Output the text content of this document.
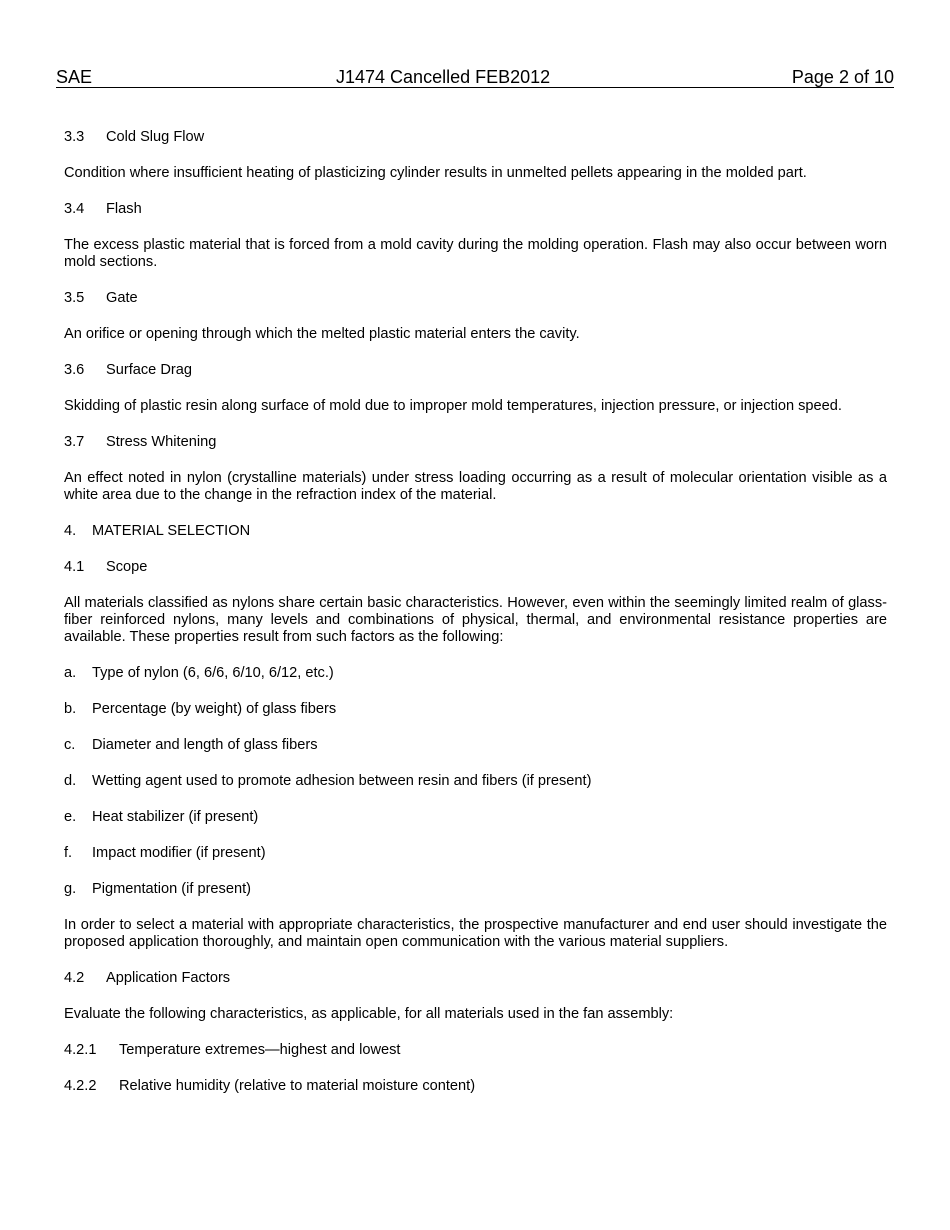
SAE	J1474 Cancelled FEB2012	Page 2 of 10
3.3	Cold Slug Flow

Condition where insufficient heating of plasticizing cylinder results in unmelted pellets appearing in the molded part.

3.4	Flash

The excess plastic material that is forced from a mold cavity during the molding operation. Flash may also occur between worn mold sections.

3.5	Gate

An orifice or opening through which the melted plastic material enters the cavity.

3.6	Surface Drag

Skidding of plastic resin along surface of mold due to improper mold temperatures, injection pressure, or injection speed.

3.7	Stress Whitening

An effect noted in nylon (crystalline materials) under stress loading occurring as a result of molecular orientation visible as a white area due to the change in the refraction index of the material.

4.	MATERIAL SELECTION
4.1	Scope

All materials classified as nylons share certain basic characteristics. However, even within the seemingly limited realm of glass-fiber reinforced nylons, many levels and combinations of physical, thermal, and environmental resistance properties are available. These properties result from such factors as the following:

a.	Type of nylon (6, 6/6, 6/10, 6/12, etc.)
b.	Percentage (by weight) of glass fibers
c.	Diameter and length of glass fibers
d.	Wetting agent used to promote adhesion between resin and fibers (if present)
e.	Heat stabilizer (if present)
f.	Impact modifier (if present)
g.	Pigmentation (if present)

In order to select a material with appropriate characteristics, the prospective manufacturer and end user should investigate the proposed application thoroughly, and maintain open communication with the various material suppliers.

4.2	Application Factors

Evaluate the following characteristics, as applicable, for all materials used in the fan assembly:

4.2.1	Temperature extremes—highest and lowest
4.2.2	Relative humidity (relative to material moisture content)
